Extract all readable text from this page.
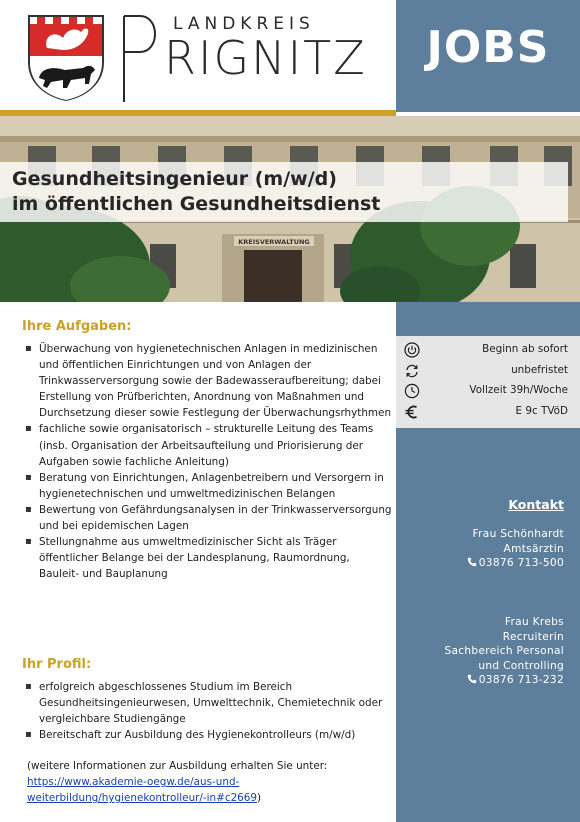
LANDKREIS
RIGNITZ	JOBS
KREISVERWALTUNG
Gesundheitsingenieur (m/w/d)
im öffentlichen Gesundheitsdienst
Ihre Aufgaben:
▪ Überwachung von hygienetechnischen Anlagen in medizinischen und öffentlichen Einrichtungen und von Anlagen der Trinkwasserversorgung sowie der Badewasseraufbereitung; dabei Erstellung von Prüfberichten, Anordnung von Maßnahmen und Durchsetzung dieser sowie Festlegung der Überwachungsrhythmen
▪ fachliche sowie organisatorisch – strukturelle Leitung des Teams (insb. Organisation der Arbeitsaufteilung und Priorisierung der Aufgaben sowie fachliche Anleitung)
▪ Beratung von Einrichtungen, Anlagenbetreibern und Versorgern in hygienetechnischen und umweltmedizinischen Belangen
▪ Bewertung von Gefährdungsanalysen in der Trinkwasserversorgung und bei epidemischen Lagen
▪ Stellungnahme aus umweltmedizinischer Sicht als Träger öffentlicher Belange bei der Landesplanung, Raumordnung, Bauleit- und Bauplanung
Ihr Profil:
▪ erfolgreich abgeschlossenes Studium im Bereich Gesundheitsingenieurwesen, Umwelttechnik, Chemietechnik oder vergleichbare Studiengänge
▪ Bereitschaft zur Ausbildung des Hygienekontrolleurs (m/w/d)
(weitere Informationen zur Ausbildung erhalten Sie unter: https://www.akademie-oegw.de/aus-und-weiterbildung/hygienekontrolleur/-in#c2669)
Beginn ab sofort
unbefristet
Vollzeit 39h/Woche
E 9c TVöD
Kontakt
Frau Schönhardt
Amtsärztin
03876 713-500
Frau Krebs
Recruiterin
Sachbereich Personal
und Controlling
03876 713-232
